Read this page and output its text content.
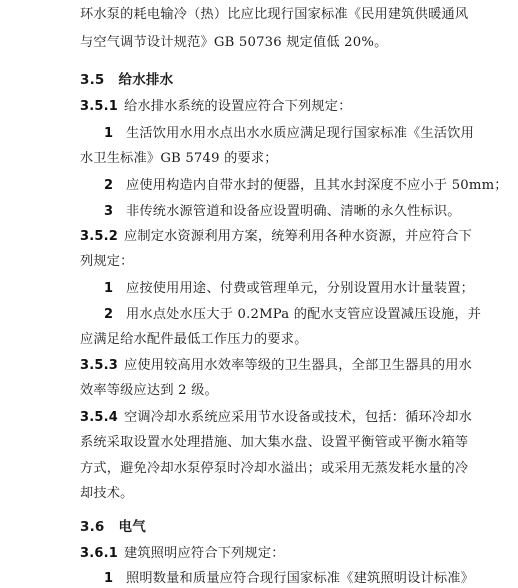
环水泵的耗电输冷（热）比应比现行国家标准《民用建筑供暖通风
与空气调节设计规范》GB 50736 规定值低 20%。
3.5 给水排水
3.5.1 给水排水系统的设置应符合下列规定：
1 生活饮用水用水点出水水质应满足现行国家标准《生活饮用
水卫生标准》GB 5749 的要求；
2 应使用构造内自带水封的便器，且其水封深度不应小于 50mm；
3 非传统水源管道和设备应设置明确、清晰的永久性标识。
3.5.2 应制定水资源利用方案，统筹利用各种水资源，并应符合下
列规定：
1 应按使用用途、付费或管理单元，分别设置用水计量装置；
2 用水点处水压大于 0.2MPa 的配水支管应设置减压设施，并
应满足给水配件最低工作压力的要求。
3.5.3 应使用较高用水效率等级的卫生器具，全部卫生器具的用水
效率等级应达到 2 级。
3.5.4 空调冷却水系统应采用节水设备或技术，包括：循环冷却水
系统采取设置水处理措施、加大集水盘、设置平衡管或平衡水箱等
方式，避免冷却水泵停泵时冷却水溢出；或采用无蒸发耗水量的冷
却技术。
3.6 电气
3.6.1 建筑照明应符合下列规定：
1 照明数量和质量应符合现行国家标准《建筑照明设计标准》
